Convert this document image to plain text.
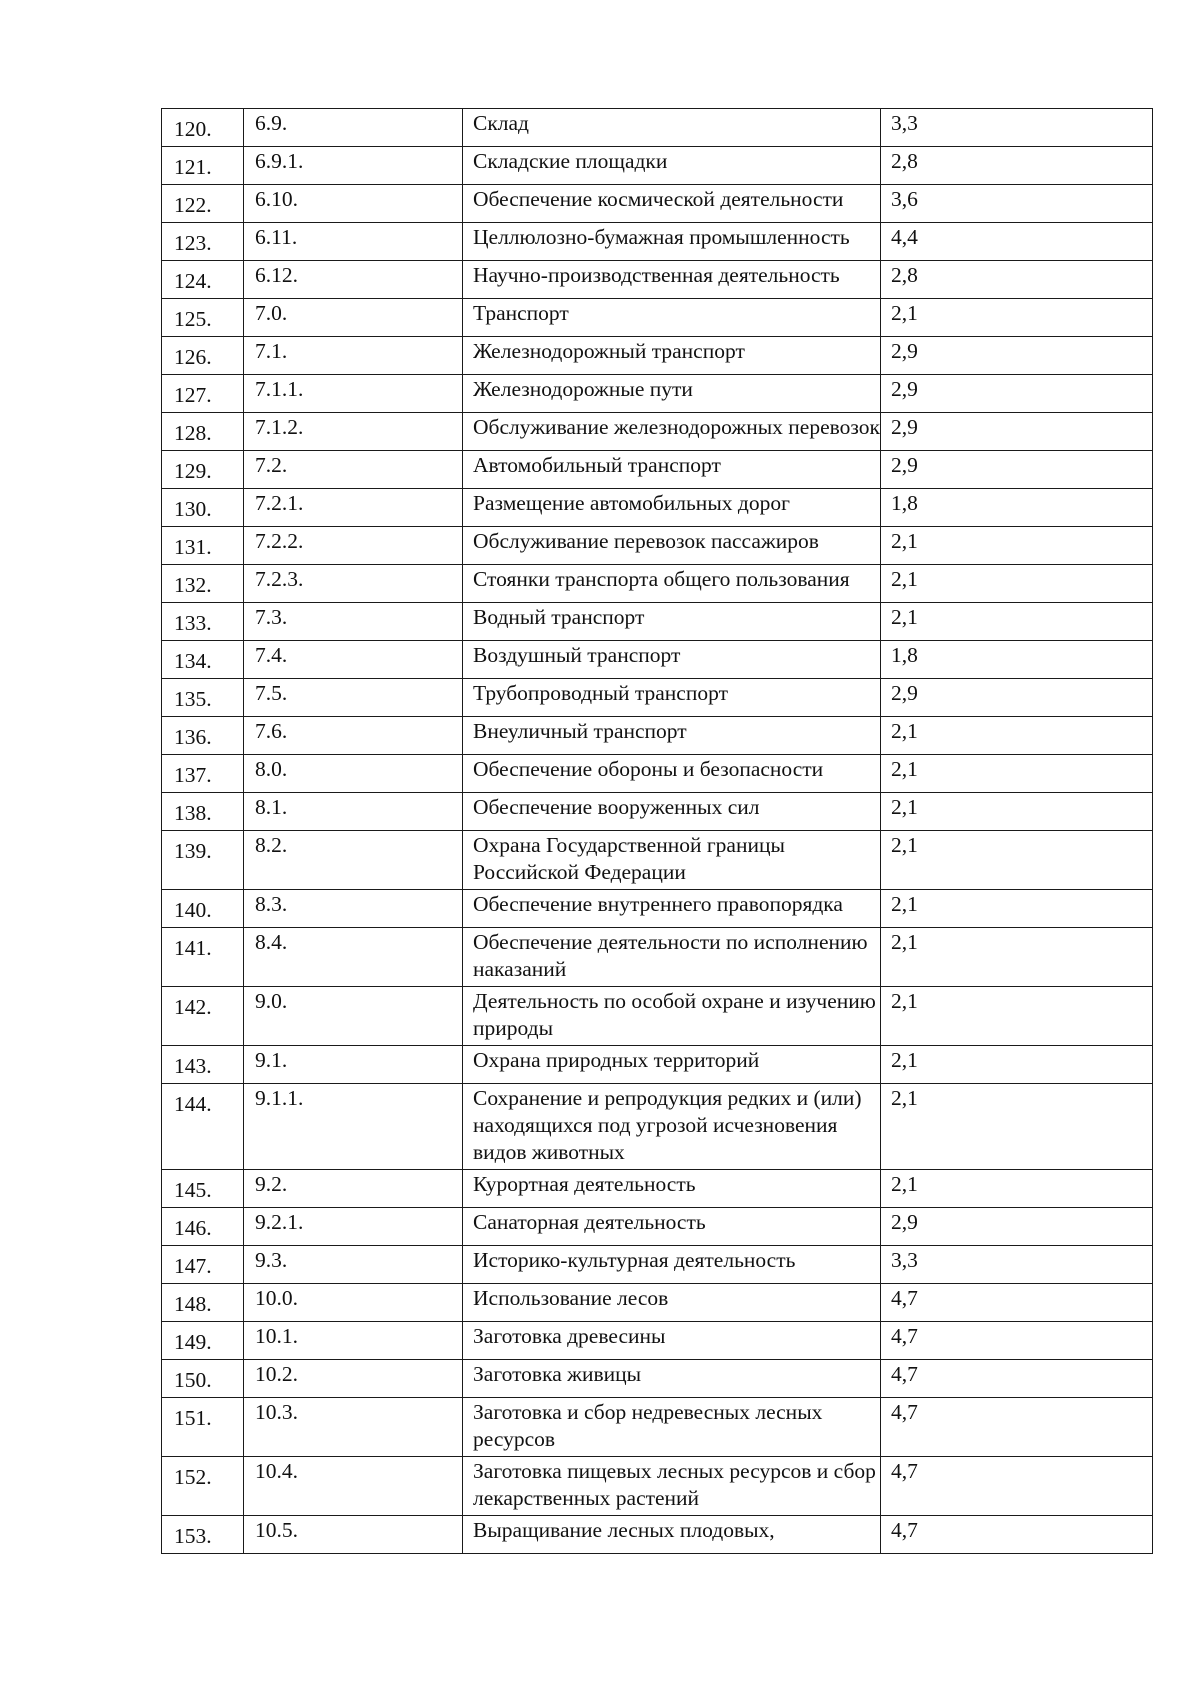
120.	6.9.	Склад	3,3
121.	6.9.1.	Складские площадки	2,8
122.	6.10.	Обеспечение космической деятельности	3,6
123.	6.11.	Целлюлозно-бумажная промышленность	4,4
124.	6.12.	Научно-производственная деятельность	2,8
125.	7.0.	Транспорт	2,1
126.	7.1.	Железнодорожный транспорт	2,9
127.	7.1.1.	Железнодорожные пути	2,9
128.	7.1.2.	Обслуживание железнодорожных перевозок	2,9
129.	7.2.	Автомобильный транспорт	2,9
130.	7.2.1.	Размещение автомобильных дорог	1,8
131.	7.2.2.	Обслуживание перевозок пассажиров	2,1
132.	7.2.3.	Стоянки транспорта общего пользования	2,1
133.	7.3.	Водный транспорт	2,1
134.	7.4.	Воздушный транспорт	1,8
135.	7.5.	Трубопроводный транспорт	2,9
136.	7.6.	Внеуличный транспорт	2,1
137.	8.0.	Обеспечение обороны и безопасности	2,1
138.	8.1.	Обеспечение вооруженных сил	2,1
139.	8.2.	Охрана Государственной границы Российской Федерации	2,1
140.	8.3.	Обеспечение внутреннего правопорядка	2,1
141.	8.4.	Обеспечение деятельности по исполнению наказаний	2,1
142.	9.0.	Деятельность по особой охране и изучению природы	2,1
143.	9.1.	Охрана природных территорий	2,1
144.	9.1.1.	Сохранение и репродукция редких и (или) находящихся под угрозой исчезновения видов животных	2,1
145.	9.2.	Курортная деятельность	2,1
146.	9.2.1.	Санаторная деятельность	2,9
147.	9.3.	Историко-культурная деятельность	3,3
148.	10.0.	Использование лесов	4,7
149.	10.1.	Заготовка древесины	4,7
150.	10.2.	Заготовка живицы	4,7
151.	10.3.	Заготовка и сбор недревесных лесных ресурсов	4,7
152.	10.4.	Заготовка пищевых лесных ресурсов и сбор лекарственных растений	4,7
153.	10.5.	Выращивание лесных плодовых,	4,7
